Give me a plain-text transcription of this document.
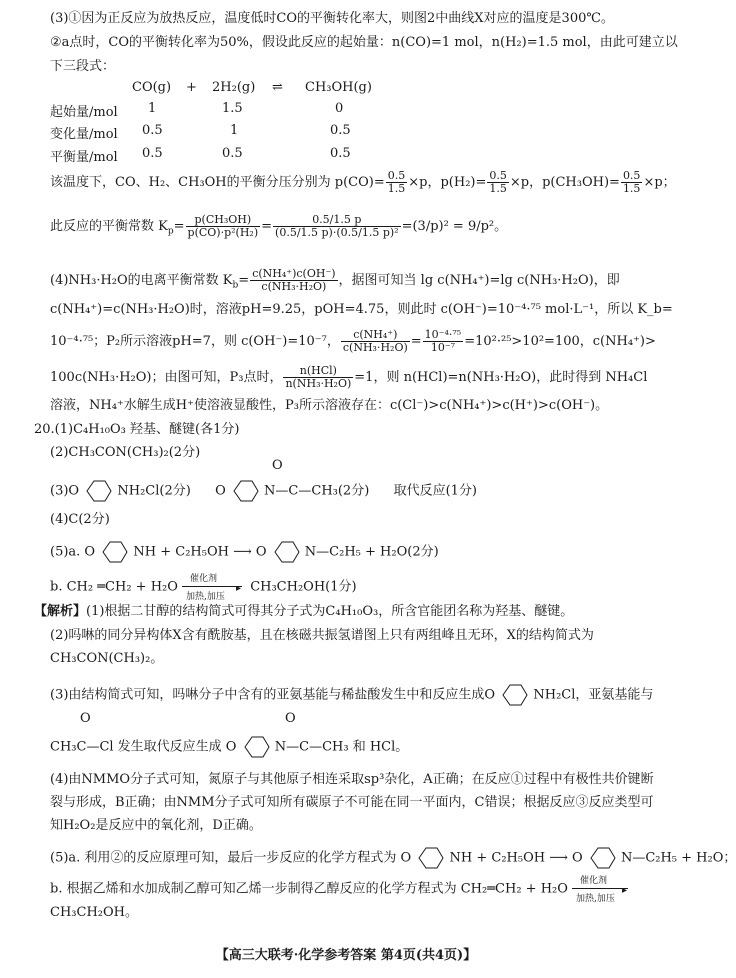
(3)①因为正反应为放热反应，温度低时CO的平衡转化率大，则图2中曲线X对应的温度是300℃。
②a点时，CO的平衡转化率为50%，假设此反应的起始量：n(CO)=1 mol，n(H₂)=1.5 mol，由此可建立以
下三段式：
CO(g) + 2H₂(g) ⇌ CH₃OH(g)
起始量/mol 1	1.5	0
变化量/mol 0.5	1	0.5
平衡量/mol 0.5	0.5	0.5
该温度下，CO、H₂、CH₃OH的平衡分压分别为 $p(CO)= \frac{0.5}{1.5} \times p$，$p(H_2)= \frac{0.5}{1.5} \times p$，$p(CH_3OH)= \frac{0.5}{1.5} \times p$；
此反应的平衡常数 $K_p= \frac{\text{p(CH₃OH)}}{\text{p(CO)·p²(H₂)}} = \frac{0.5/1.5 p}{\text{(0.5/1.5 p)·(0.5/1.5 p)²}} =(3/p)^2 = 9/p^2$。
(4)NH₃·H₂O的电离平衡常数 $K_b= \frac{\text{c(NH₄⁺)c(OH⁻)}}{\text{c(NH₃·H₂O)}}$ ，据图可知当 lg c(NH₄⁺)=lg c(NH₃·H₂O)，即
c(NH₄⁺)=c(NH₃·H₂O)时，溶液pH=9.25，pOH=4.75，则此时 c(OH⁻)=10⁻⁴·⁷⁵ mol·L⁻¹，所以 K_b=
10⁻⁴·⁷⁵；P₂所示溶液pH=7，则 c(OH⁻)=10⁻⁷， $\frac{\text{c(NH₄⁺)}}{\text{c(NH₃·H₂O)}} = \frac{\text{10⁻⁴·⁷⁵}}{\text{10⁻⁷}} =10^2\cdot^{25}>10^2=100$，c(NH₄⁺)>
100c(NH₃·H₂O)；由图可知，P₃点时， $\frac{\text{n(HCl)}}{\text{n(NH₃·H₂O)}} =1$，则 n(HCl)=n(NH₃·H₂O)，此时得到 NH₄Cl
溶液，NH₄⁺水解生成H⁺使溶液显酸性，P₃所示溶液存在：c(Cl⁻)>c(NH₄⁺)>c(H⁺)>c(OH⁻)。
20.(1)C₄H₁₀O₃ 羟基、醚键(各1分)
(2)CH₃CON(CH₃)₂(2分)
(3)O	NH₂Cl(2分) O	N—C—CH₃(2分) 取代反应(1分)
O
(4)C(2分)
(5)a. O	NH + C₂H₅OH ⟶ O	N—C₂H₅ + H₂O(2分)
b. CH₂ ═CH₂ + H₂O
催化剂
▸
加热,加压
CH₃CH₂OH(1分)
【解析】(1)根据二甘醇的结构简式可得其分子式为C₄H₁₀O₃，所含官能团名称为羟基、醚键。
(2)吗啉的同分异构体X含有酰胺基，且在核磁共振氢谱图上只有两组峰且无环，X的结构简式为
CH₃CON(CH₃)₂。
(3)由结构简式可知，吗啉分子中含有的亚氨基能与稀盐酸发生中和反应生成O	NH₂Cl，亚氨基能与
O	O
CH₃C—Cl 发生取代反应生成 O	N—C—CH₃ 和 HCl。
(4)由NMMO分子式可知，氮原子与其他原子相连采取sp³杂化，A正确；在反应①过程中有极性共价键断
裂与形成，B正确；由NMM分子式可知所有碳原子不可能在同一平面内，C错误；根据反应③反应类型可
知H₂O₂是反应中的氧化剂，D正确。
(5)a. 利用②的反应原理可知，最后一步反应的化学方程式为 O	NH + C₂H₅OH ⟶ O	N—C₂H₅ + H₂O；
b. 根据乙烯和水加成制乙醇可知乙烯一步制得乙醇反应的化学方程式为 CH₂═CH₂ + H₂O
催化剂
▸
加热,加压
CH₃CH₂OH。
【高三大联考·化学参考答案 第4页(共4页)】
